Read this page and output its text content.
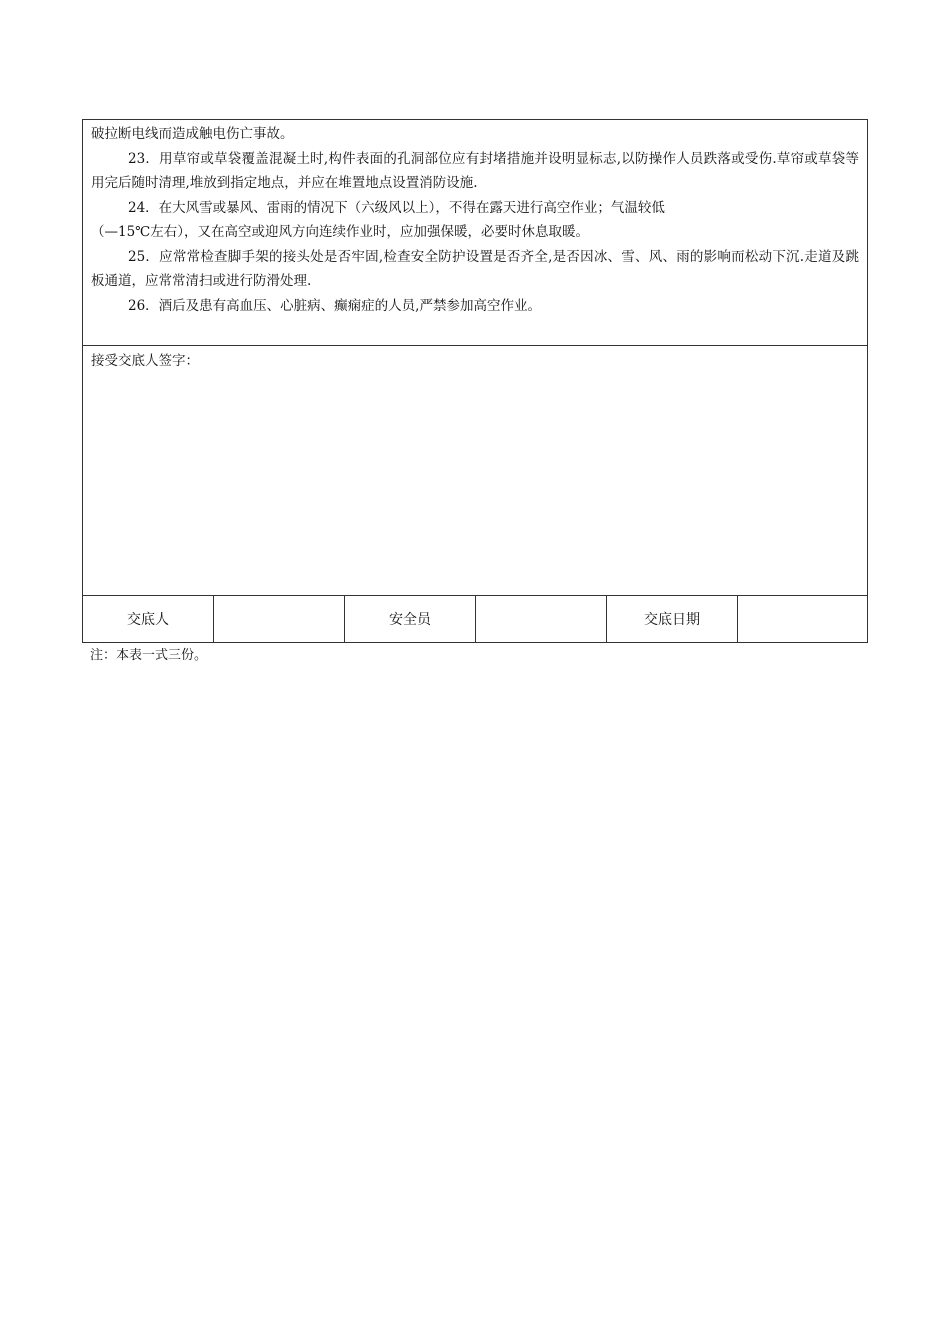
破拉断电线而造成触电伤亡事故。

23．用草帘或草袋覆盖混凝土时,构件表面的孔洞部位应有封堵措施并设明显标志,以防操作人员跌落或受伤.草帘或草袋等用完后随时清理,堆放到指定地点，并应在堆置地点设置消防设施.

24．在大风雪或暴风、雷雨的情况下（六级风以上），不得在露天进行高空作业；气温较低

（—15℃左右），又在高空或迎风方向连续作业时，应加强保暖，必要时休息取暖。

25．应常常检查脚手架的接头处是否牢固,检查安全防护设置是否齐全,是否因冰、雪、风、雨的影响而松动下沉.走道及跳板通道，应常常清扫或进行防滑处理.

26．酒后及患有高血压、心脏病、癫痫症的人员,严禁参加高空作业。

接受交底人签字：
交底人	安全员	交底日期
注：本表一式三份。
